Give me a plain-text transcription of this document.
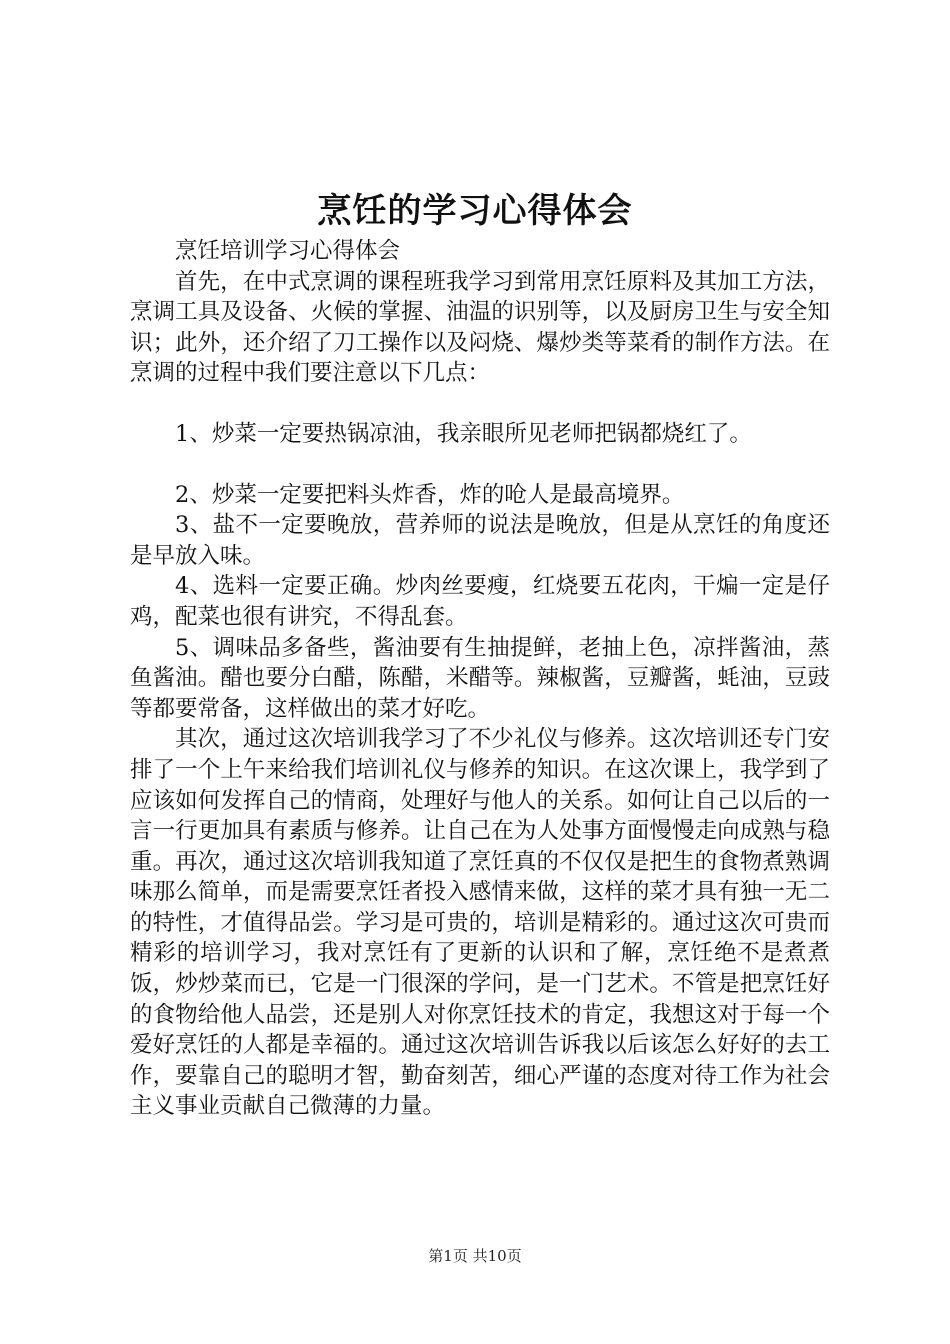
烹饪的学习心得体会

烹饪培训学习心得体会

首先，在中式烹调的课程班我学习到常用烹饪原料及其加工方法，烹调工具及设备、火候的掌握、油温的识别等，以及厨房卫生与安全知识；此外，还介绍了刀工操作以及闷烧、爆炒类等菜肴的制作方法。在烹调的过程中我们要注意以下几点：

1、炒菜一定要热锅凉油，我亲眼所见老师把锅都烧红了。

2、炒菜一定要把料头炸香，炸的呛人是最高境界。

3、盐不一定要晚放，营养师的说法是晚放，但是从烹饪的角度还是早放入味。

4、选料一定要正确。炒肉丝要瘦，红烧要五花肉，干煸一定是仔鸡，配菜也很有讲究，不得乱套。

5、调味品多备些，酱油要有生抽提鲜，老抽上色，凉拌酱油，蒸鱼酱油。醋也要分白醋，陈醋，米醋等。辣椒酱，豆瓣酱，蚝油，豆豉等都要常备，这样做出的菜才好吃。

其次，通过这次培训我学习了不少礼仪与修养。这次培训还专门安排了一个上午来给我们培训礼仪与修养的知识。在这次课上，我学到了应该如何发挥自己的情商，处理好与他人的关系。如何让自己以后的一言一行更加具有素质与修养。让自己在为人处事方面慢慢走向成熟与稳重。再次，通过这次培训我知道了烹饪真的不仅仅是把生的食物煮熟调味那么简单，而是需要烹饪者投入感情来做，这样的菜才具有独一无二的特性，才值得品尝。学习是可贵的，培训是精彩的。通过这次可贵而精彩的培训学习，我对烹饪有了更新的认识和了解，烹饪绝不是煮煮饭，炒炒菜而已，它是一门很深的学问，是一门艺术。不管是把烹饪好的食物给他人品尝，还是别人对你烹饪技术的肯定，我想这对于每一个爱好烹饪的人都是幸福的。通过这次培训告诉我以后该怎么好好的去工作，要靠自己的聪明才智，勤奋刻苦，细心严谨的态度对待工作为社会主义事业贡献自己微薄的力量。

第1页 共10页
